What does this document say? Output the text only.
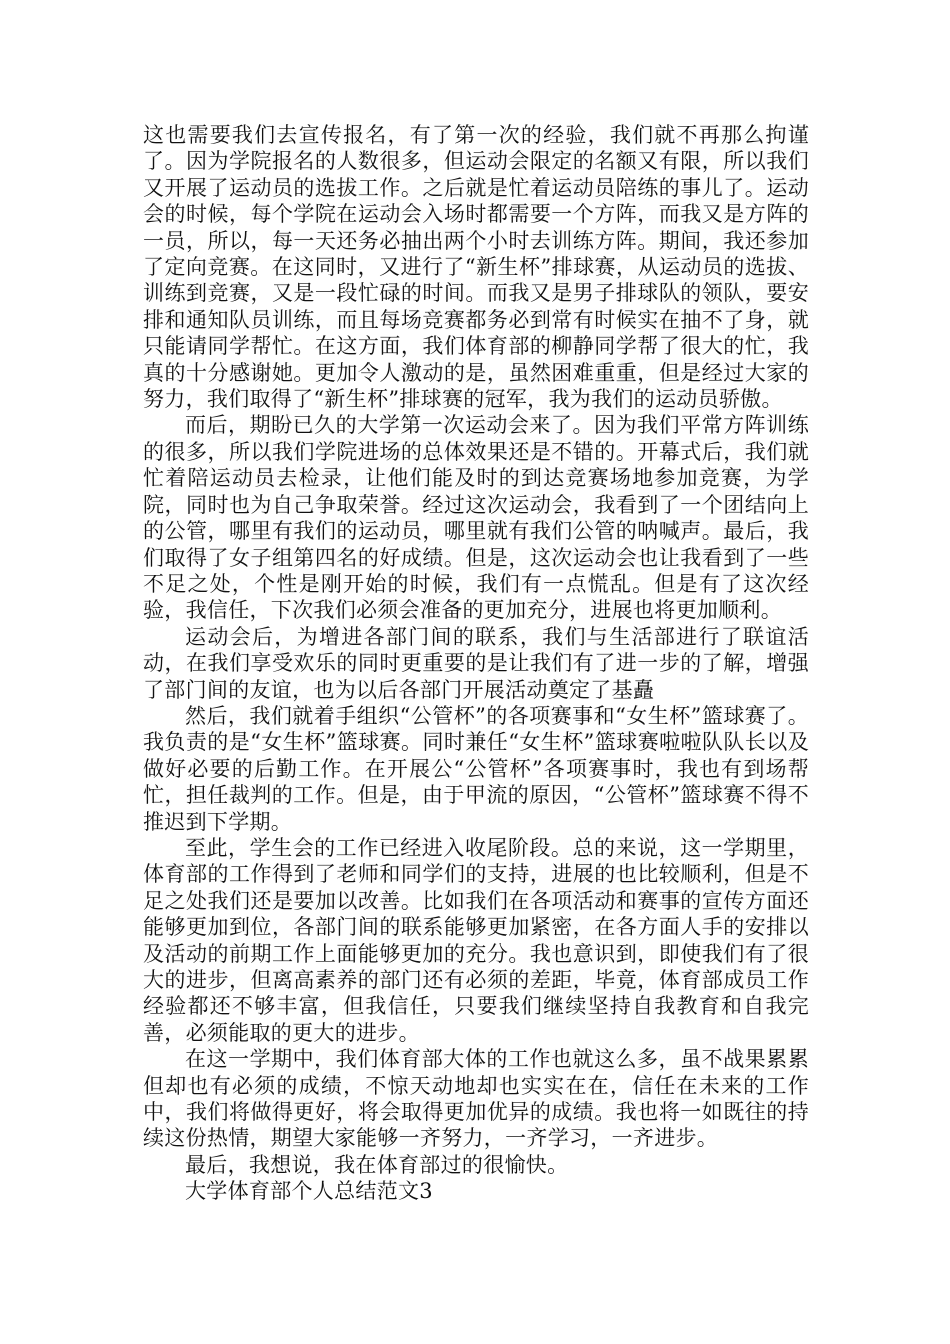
这也需要我们去宣传报名，有了第一次的经验，我们就不再那么拘谨了。因为学院报名的人数很多，但运动会限定的名额又有限，所以我们又开展了运动员的选拔工作。之后就是忙着运动员陪练的事儿了。运动会的时候，每个学院在运动会入场时都需要一个方阵，而我又是方阵的一员，所以，每一天还务必抽出两个小时去训练方阵。期间，我还参加了定向竞赛。在这同时，又进行了“新生杯”排球赛，从运动员的选拔、训练到竞赛，又是一段忙碌的时间。而我又是男子排球队的领队，要安排和通知队员训练，而且每场竞赛都务必到常有时候实在抽不了身，就只能请同学帮忙。在这方面，我们体育部的柳静同学帮了很大的忙，我真的十分感谢她。更加令人激动的是，虽然困难重重，但是经过大家的努力，我们取得了“新生杯”排球赛的冠军，我为我们的运动员骄傲。

而后，期盼已久的大学第一次运动会来了。因为我们平常方阵训练的很多，所以我们学院进场的总体效果还是不错的。开幕式后，我们就忙着陪运动员去检录，让他们能及时的到达竞赛场地参加竞赛，为学院，同时也为自己争取荣誉。经过这次运动会，我看到了一个团结向上的公管，哪里有我们的运动员，哪里就有我们公管的呐喊声。最后，我们取得了女子组第四名的好成绩。但是，这次运动会也让我看到了一些不足之处，个性是刚开始的时候，我们有一点慌乱。但是有了这次经验，我信任，下次我们必须会准备的更加充分，进展也将更加顺利。

运动会后，为增进各部门间的联系，我们与生活部进行了联谊活动，在我们享受欢乐的同时更重要的是让我们有了进一步的了解，增强了部门间的友谊，也为以后各部门开展活动奠定了基矗

然后，我们就着手组织“公管杯”的各项赛事和“女生杯”篮球赛了。我负责的是“女生杯”篮球赛。同时兼任“女生杯”篮球赛啦啦队队长以及做好必要的后勤工作。在开展公“公管杯”各项赛事时，我也有到场帮忙，担任裁判的工作。但是，由于甲流的原因，“公管杯”篮球赛不得不推迟到下学期。

至此，学生会的工作已经进入收尾阶段。总的来说，这一学期里，体育部的工作得到了老师和同学们的支持，进展的也比较顺利，但是不足之处我们还是要加以改善。比如我们在各项活动和赛事的宣传方面还能够更加到位，各部门间的联系能够更加紧密，在各方面人手的安排以及活动的前期工作上面能够更加的充分。我也意识到，即使我们有了很大的进步，但离高素养的部门还有必须的差距，毕竟，体育部成员工作经验都还不够丰富，但我信任，只要我们继续坚持自我教育和自我完善，必须能取的更大的进步。

在这一学期中，我们体育部大体的工作也就这么多，虽不战果累累但却也有必须的成绩，不惊天动地却也实实在在，信任在未来的工作中，我们将做得更好，将会取得更加优异的成绩。我也将一如既往的持续这份热情，期望大家能够一齐努力，一齐学习，一齐进步。

最后，我想说，我在体育部过的很愉快。

大学体育部个人总结范文3
